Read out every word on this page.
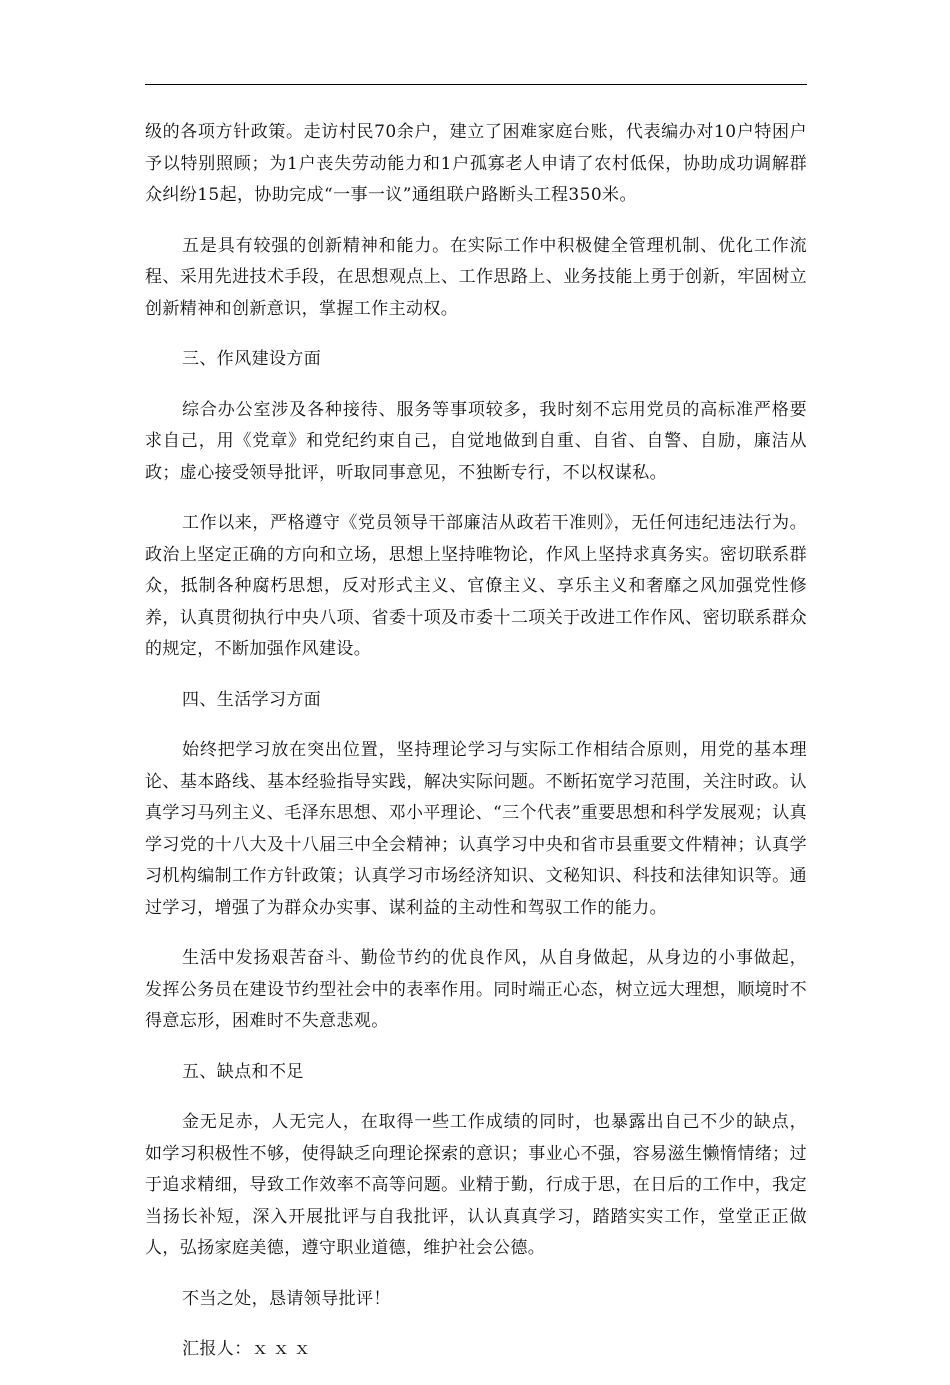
级的各项方针政策。走访村民70余户，建立了困难家庭台账，代表编办对10户特困户予以特别照顾；为1户丧失劳动能力和1户孤寡老人申请了农村低保，协助成功调解群众纠纷15起，协助完成“一事一议”通组联户路断头工程350米。

五是具有较强的创新精神和能力。在实际工作中积极健全管理机制、优化工作流程、采用先进技术手段，在思想观点上、工作思路上、业务技能上勇于创新，牢固树立创新精神和创新意识，掌握工作主动权。

三、作风建设方面

综合办公室涉及各种接待、服务等事项较多，我时刻不忘用党员的高标准严格要求自己，用《党章》和党纪约束自己，自觉地做到自重、自省、自警、自励，廉洁从政；虚心接受领导批评，听取同事意见，不独断专行，不以权谋私。

工作以来，严格遵守《党员领导干部廉洁从政若干准则》，无任何违纪违法行为。政治上坚定正确的方向和立场，思想上坚持唯物论，作风上坚持求真务实。密切联系群众，抵制各种腐朽思想，反对形式主义、官僚主义、享乐主义和奢靡之风加强党性修养，认真贯彻执行中央八项、省委十项及市委十二项关于改进工作作风、密切联系群众的规定，不断加强作风建设。

四、生活学习方面

始终把学习放在突出位置，坚持理论学习与实际工作相结合原则，用党的基本理论、基本路线、基本经验指导实践，解决实际问题。不断拓宽学习范围，关注时政。认真学习马列主义、毛泽东思想、邓小平理论、“三个代表”重要思想和科学发展观；认真学习党的十八大及十八届三中全会精神；认真学习中央和省市县重要文件精神；认真学习机构编制工作方针政策；认真学习市场经济知识、文秘知识、科技和法律知识等。通过学习，增强了为群众办实事、谋利益的主动性和驾驭工作的能力。

生活中发扬艰苦奋斗、勤俭节约的优良作风，从自身做起，从身边的小事做起，发挥公务员在建设节约型社会中的表率作用。同时端正心态，树立远大理想，顺境时不得意忘形，困难时不失意悲观。

五、缺点和不足

金无足赤，人无完人，在取得一些工作成绩的同时，也暴露出自己不少的缺点，如学习积极性不够，使得缺乏向理论探索的意识；事业心不强，容易滋生懒惰情绪；过于追求精细，导致工作效率不高等问题。业精于勤，行成于思，在日后的工作中，我定当扬长补短，深入开展批评与自我批评，认认真真学习，踏踏实实工作，堂堂正正做人，弘扬家庭美德，遵守职业道德，维护社会公德。

不当之处，恳请领导批评！

汇报人：ｘｘｘ
